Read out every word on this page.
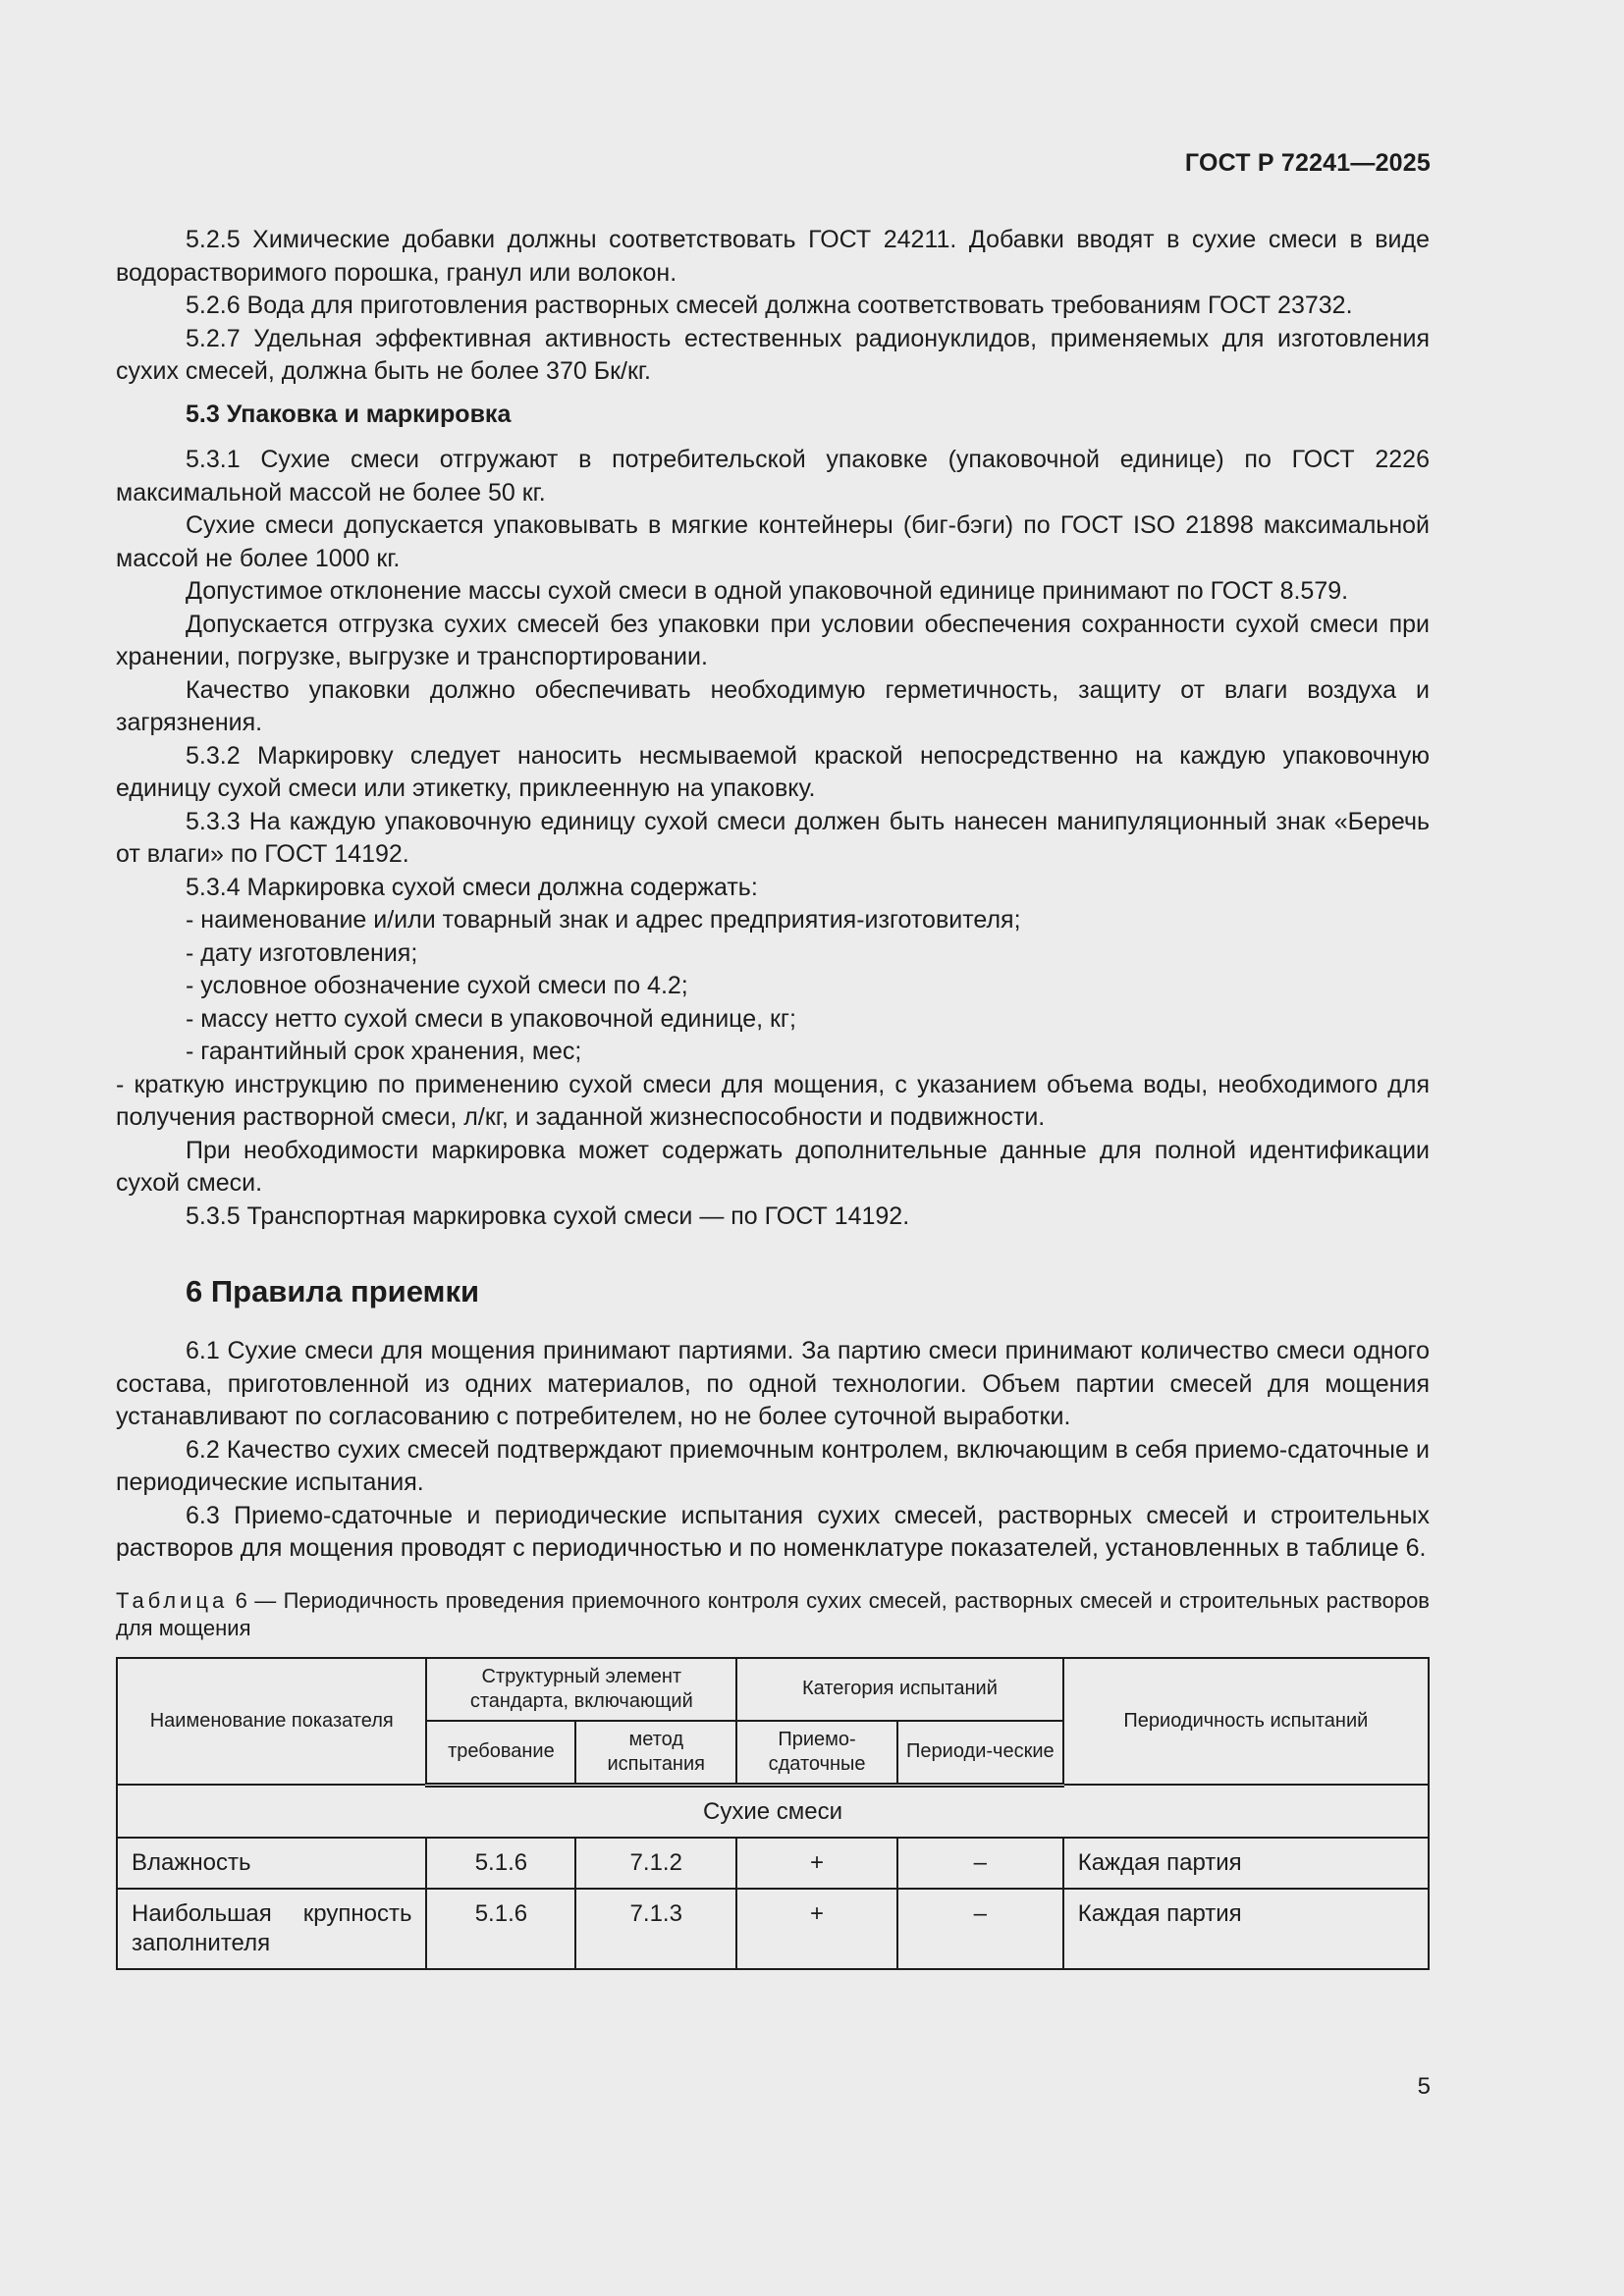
ГОСТ Р 72241—2025

5.2.5 Химические добавки должны соответствовать ГОСТ 24211. Добавки вводят в сухие смеси в виде водорастворимого порошка, гранул или волокон.

5.2.6 Вода для приготовления растворных смесей должна соответствовать требованиям ГОСТ 23732.

5.2.7 Удельная эффективная активность естественных радионуклидов, применяемых для изготовления сухих смесей, должна быть не более 370 Бк/кг.

5.3 Упаковка и маркировка

5.3.1 Сухие смеси отгружают в потребительской упаковке (упаковочной единице) по ГОСТ 2226 максимальной массой не более 50 кг.

Сухие смеси допускается упаковывать в мягкие контейнеры (биг-бэги) по ГОСТ ISO 21898 максимальной массой не более 1000 кг.

Допустимое отклонение массы сухой смеси в одной упаковочной единице принимают по ГОСТ 8.579.

Допускается отгрузка сухих смесей без упаковки при условии обеспечения сохранности сухой смеси при хранении, погрузке, выгрузке и транспортировании.

Качество упаковки должно обеспечивать необходимую герметичность, защиту от влаги воздуха и загрязнения.

5.3.2 Маркировку следует наносить несмываемой краской непосредственно на каждую упаковочную единицу сухой смеси или этикетку, приклеенную на упаковку.

5.3.3 На каждую упаковочную единицу сухой смеси должен быть нанесен манипуляционный знак «Беречь от влаги» по ГОСТ 14192.

5.3.4 Маркировка сухой смеси должна содержать:

- наименование и/или товарный знак и адрес предприятия-изготовителя;

- дату изготовления;

- условное обозначение сухой смеси по 4.2;

- массу нетто сухой смеси в упаковочной единице, кг;

- гарантийный срок хранения, мес;

- краткую инструкцию по применению сухой смеси для мощения, с указанием объема воды, необходимого для получения растворной смеси, л/кг, и заданной жизнеспособности и подвижности.

При необходимости маркировка может содержать дополнительные данные для полной идентификации сухой смеси.

5.3.5 Транспортная маркировка сухой смеси — по ГОСТ 14192.

6 Правила приемки

6.1 Сухие смеси для мощения принимают партиями. За партию смеси принимают количество смеси одного состава, приготовленной из одних материалов, по одной технологии. Объем партии смесей для мощения устанавливают по согласованию с потребителем, но не более суточной выработки.

6.2 Качество сухих смесей подтверждают приемочным контролем, включающим в себя приемо-сдаточные и периодические испытания.

6.3 Приемо-сдаточные и периодические испытания сухих смесей, растворных смесей и строительных растворов для мощения проводят с периодичностью и по номенклатуре показателей, установленных в таблице 6.

Таблица 6 — Периодичность проведения приемочного контроля сухих смесей, растворных смесей и строительных растворов для мощения
Наименование показателя	Структурный элемент стандарта, включающий		Категория испытаний		Периодичность испытаний
	требование	метод испытания	Приемо-сдаточные	Периоди-ческие	
Сухие смеси					
Влажность	5.1.6	7.1.2	+	–	Каждая партия
Наибольшая крупность заполнителя	5.1.6	7.1.3	+	–	Каждая партия
5
